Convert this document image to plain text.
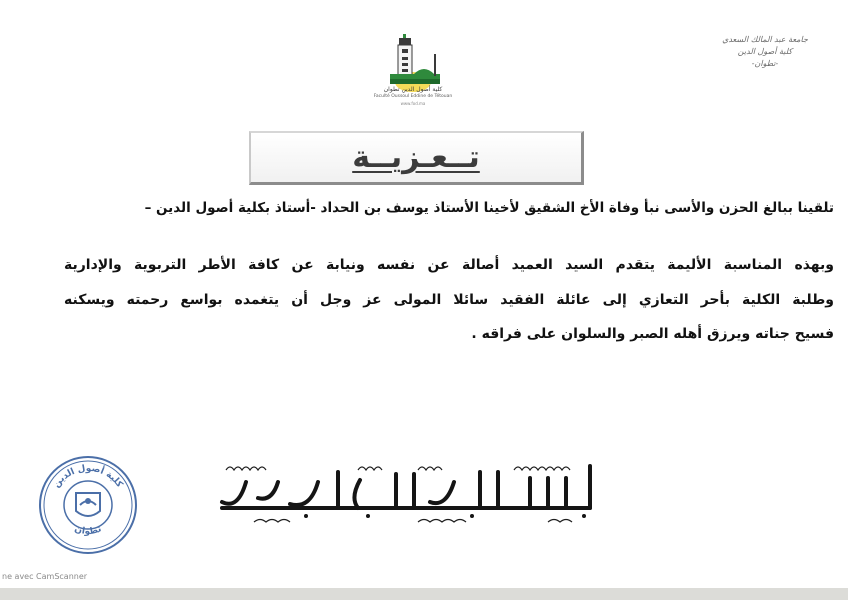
جامعة عبد المالك السعدي
كلية أصول الدين
-تطوان-
كلية أصول الدين تطوان
Faculté Oussoul Eddine de Tétouan
www.fod.ma
تــعـزيــة
تلقينا ببالغ الحزن والأسى نبأ وفاة الأخ الشقيق لأخينا الأستاذ يوسف بن الحداد -أستاذ بكلية أصول الدين –
وبهذه المناسبة الأليمة يتقدم السيد العميد أصالة عن نفسه ونيابة عن كافة الأطر التربوية والإدارية
وطلبة الكلية بأحر التعازي إلى عائلة الفقيد سائلا المولى عز وجل أن يتغمده بواسع رحمته ويسكنه
فسيح جناته ويرزق أهله الصبر والسلوان على فراقه .
كلية أصول الدين
تطوان	إنا لله وإنا إليه راجعون
ne avec CamScanner
